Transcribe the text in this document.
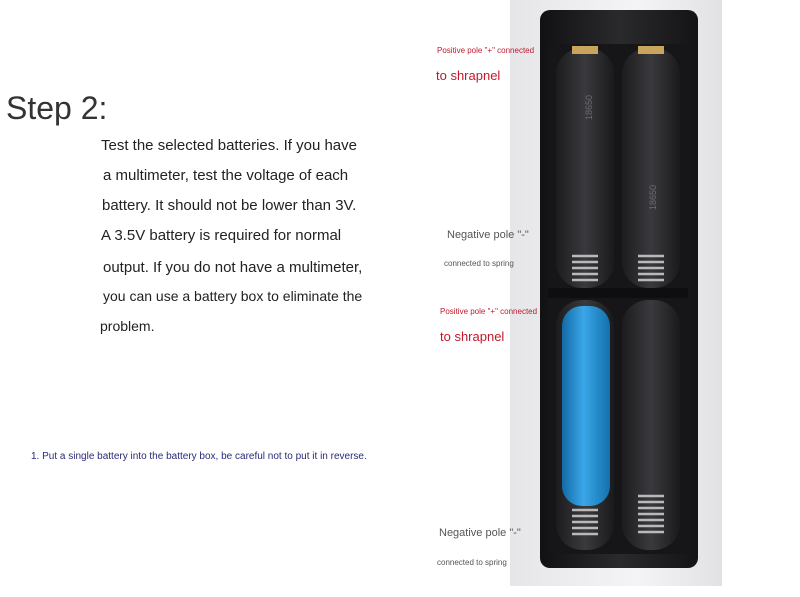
Step 2:
Test the selected batteries. If you have
a multimeter, test the voltage of each
battery. It should not be lower than 3V.
A 3.5V battery is required for normal
output. If you do not have a multimeter,
you can use a battery box to eliminate the
problem.
1. Put a single battery into the battery box, be careful not to put it in reverse.
18650
18650
Positive pole "+" connected
to shrapnel
Negative pole "-"
connected to spring
Positive pole "+" connected
to shrapnel
Negative pole "-"
connected to spring
